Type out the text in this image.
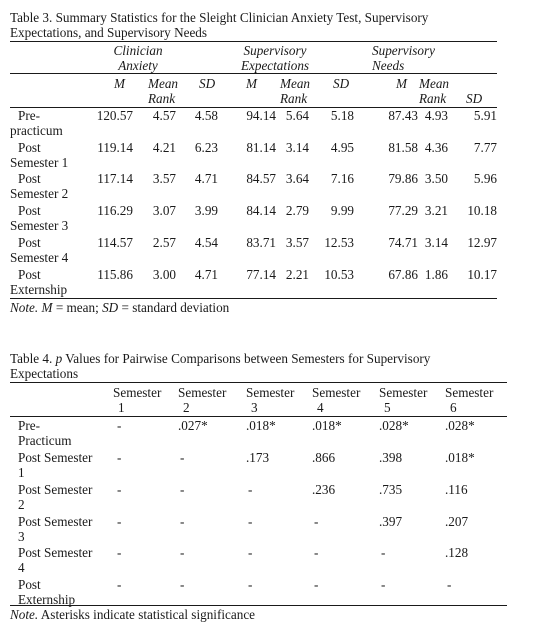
Table 3. Summary Statistics for the Sleight Clinician Anxiety Test, Supervisory
Expectations, and Supervisory Needs
Clinician
Anxiety
Supervisory
Expectations
Supervisory
Needs
M Mean
Rank
SD M Mean
Rank
SD	M Mean
Rank SD
Pre-
practicum
120.57	4.57	4.58	94.14 5.64	5.18	87.43 4.93	5.91
Post
Semester 1
119.14	4.21	6.23	81.14 3.14	4.95	81.58 4.36	7.77
Post
Semester 2
117.14	3.57	4.71	84.57 3.64	7.16	79.86 3.50	5.96
Post
Semester 3
116.29	3.07	3.99	84.14 2.79	9.99	77.29 3.21	10.18
Post
Semester 4
114.57	2.57	4.54	83.71 3.57	12.53	74.71 3.14	12.97
Post
Externship
115.86	3.00	4.71	77.14 2.21	10.53	67.86 1.86	10.17
Note. M = mean; SD = standard deviation
Table 4. p Values for Pairwise Comparisons between Semesters for Supervisory
Expectations
Semester
1
Semester
2
Semester
3
Semester
4
Semester
5
Semester
6
Pre-
Practicum
-	.027*	.018*	.018*	.028*	.028*
Post Semester
1
-	-	.173	.866	.398	.018*
Post Semester
2
-	-	-	.236	.735	.116
Post Semester
3
-	-	-	-	.397	.207
Post Semester
4
-	-	-	-	-	.128
Post
Externship
-	-	-	-	-	-
Note. Asterisks indicate statistical significance
